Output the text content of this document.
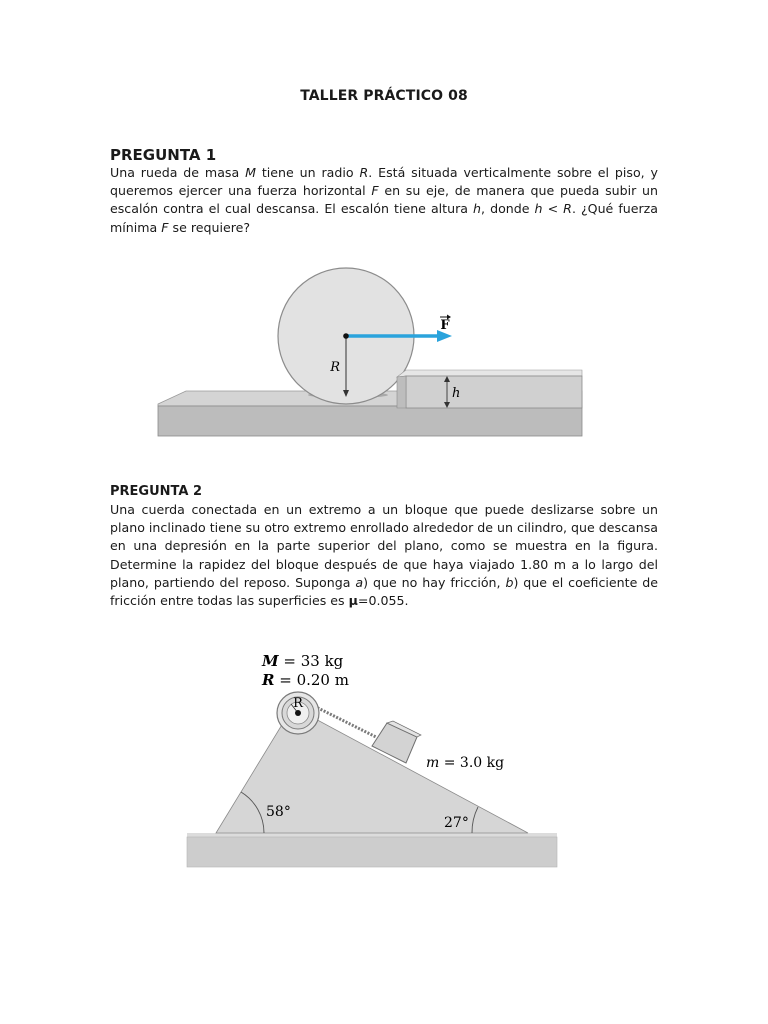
TALLER PRÁCTICO 08
PREGUNTA 1
Una rueda de masa M tiene un radio R. Está situada verticalmente sobre el piso, y queremos ejercer una fuerza horizontal F en su eje, de manera que pueda subir un escalón contra el cual descansa. El escalón tiene altura h, donde h < R. ¿Qué fuerza mínima F se requiere?
R
h
F
PREGUNTA 2
Una cuerda conectada en un extremo a un bloque que puede deslizarse sobre un plano inclinado tiene su otro extremo enrollado alrededor de un cilindro, que descansa en una depresión en la parte superior del plano, como se muestra en la figura. Determine la rapidez del bloque después de que haya viajado 1.80 m a lo largo del plano, partiendo del reposo. Suponga a) que no hay fricción, b) que el coeficiente de fricción entre todas las superficies es μ=0.055.
R
M = 33 kg
R = 0.20 m
m = 3.0 kg
58°
27°
